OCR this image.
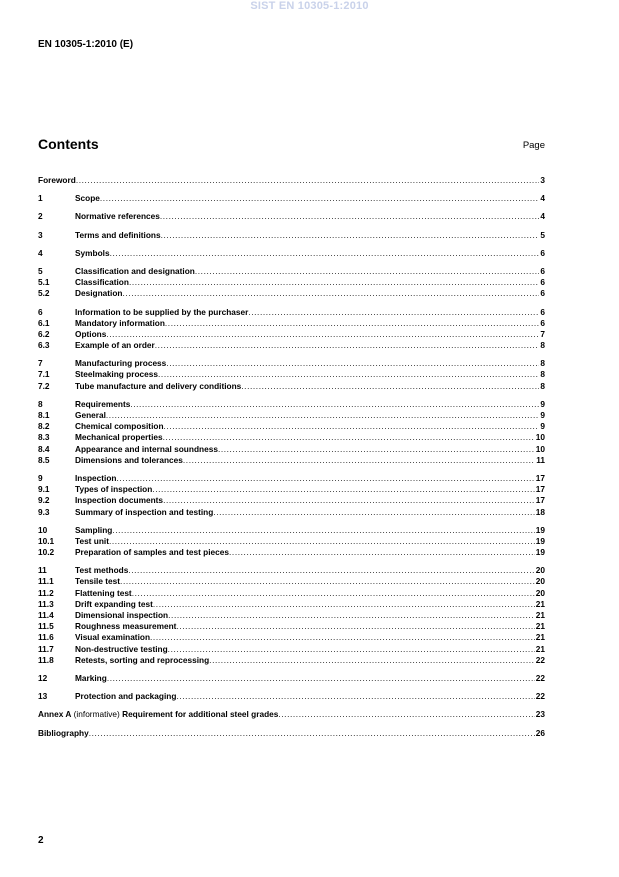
SIST EN 10305-1:2010
EN 10305-1:2010 (E)
Contents	Page
Foreword .....	3
1	Scope .....	4
2	Normative references .....	4
3	Terms and definitions .....	5
4	Symbols .....	6
5	Classification and designation .....	6
5.1	Classification .....	6
5.2	Designation .....	6
6	Information to be supplied by the purchaser .....	6
6.1	Mandatory information .....	6
6.2	Options .....	7
6.3	Example of an order .....	8
7	Manufacturing process .....	8
7.1	Steelmaking process .....	8
7.2	Tube manufacture and delivery conditions .....	8
8	Requirements .....	9
8.1	General .....	9
8.2	Chemical composition .....	9
8.3	Mechanical properties .....	10
8.4	Appearance and internal soundness .....	10
8.5	Dimensions and tolerances .....	11
9	Inspection .....	17
9.1	Types of inspection .....	17
9.2	Inspection documents .....	17
9.3	Summary of inspection and testing .....	18
10	Sampling .....	19
10.1	Test unit .....	19
10.2	Preparation of samples and test pieces .....	19
11	Test methods .....	20
11.1	Tensile test .....	20
11.2	Flattening test .....	20
11.3	Drift expanding test .....	21
11.4	Dimensional inspection .....	21
11.5	Roughness measurement .....	21
11.6	Visual examination .....	21
11.7	Non-destructive testing .....	21
11.8	Retests, sorting and reprocessing .....	22
12	Marking .....	22
13	Protection and packaging .....	22
Annex A (informative) Requirement for additional steel grades .....	23
Bibliography .....	26
2
